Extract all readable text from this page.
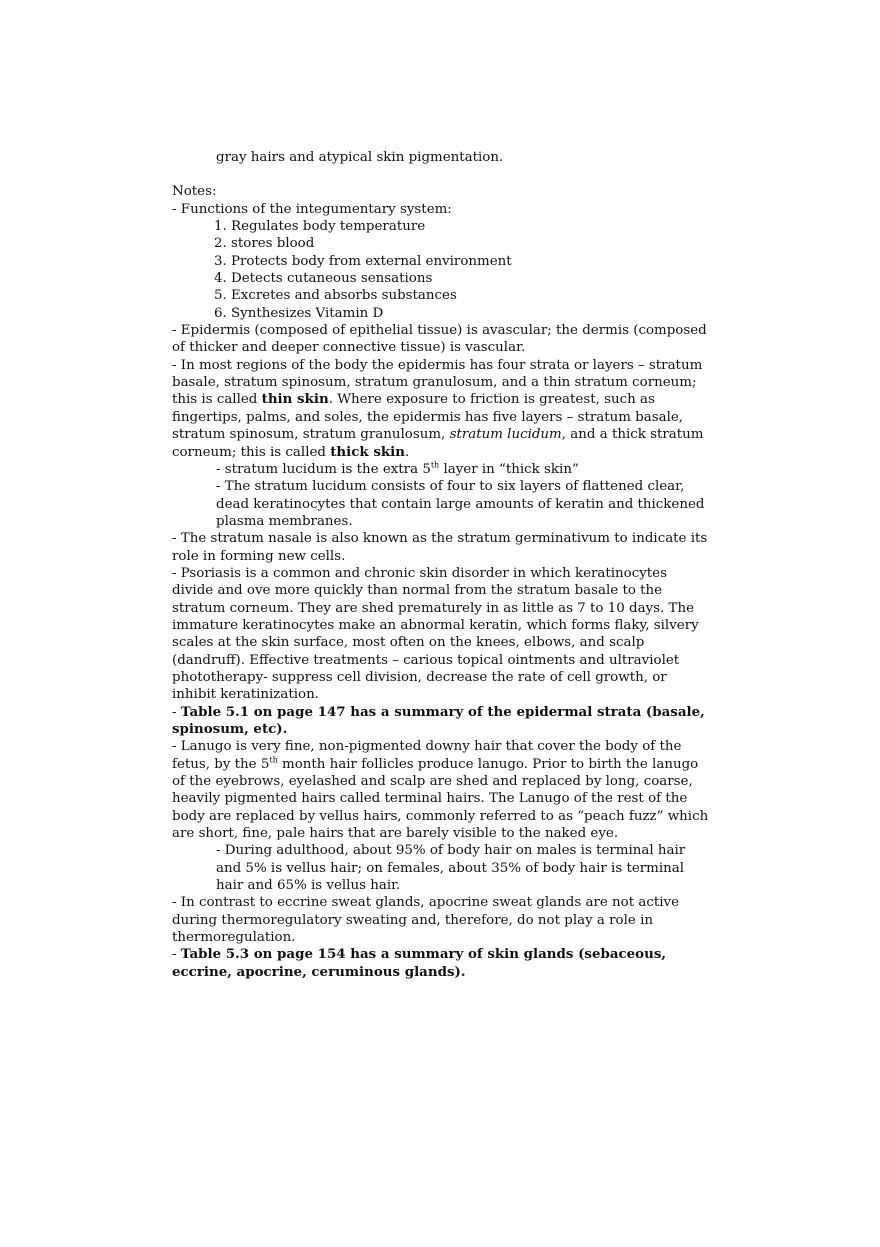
gray hairs and atypical skin pigmentation.

Notes:

- Functions of the integumentary system:

1. Regulates body temperature
2. stores blood
3. Protects body from external environment
4. Detects cutaneous sensations
5. Excretes and absorbs substances
6. Synthesizes Vitamin D

- Epidermis (composed of epithelial tissue) is avascular; the dermis (composed of thicker and deeper connective tissue) is vascular.

- In most regions of the body the epidermis has four strata or layers – stratum basale, stratum spinosum, stratum granulosum, and a thin stratum corneum; this is called thin skin. Where exposure to friction is greatest, such as fingertips, palms, and soles, the epidermis has five layers – stratum basale, stratum spinosum, stratum granulosum, stratum lucidum, and a thick stratum corneum; this is called thick skin.

- stratum lucidum is the extra 5th layer in “thick skin”

- The stratum lucidum consists of four to six layers of flattened clear, dead keratinocytes that contain large amounts of keratin and thickened plasma membranes.

- The stratum nasale is also known as the stratum germinativum to indicate its role in forming new cells.

- Psoriasis is a common and chronic skin disorder in which keratinocytes divide and ove more quickly than normal from the stratum basale to the stratum corneum. They are shed prematurely in as little as 7 to 10 days. The immature keratinocytes make an abnormal keratin, which forms flaky, silvery scales at the skin surface, most often on the knees, elbows, and scalp (dandruff). Effective treatments – carious topical ointments and ultraviolet phototherapy- suppress cell division, decrease the rate of cell growth, or inhibit keratinization.

- Table 5.1 on page 147 has a summary of the epidermal strata (basale, spinosum, etc).

- Lanugo is very fine, non-pigmented downy hair that cover the body of the fetus, by the 5th month hair follicles produce lanugo. Prior to birth the lanugo of the eyebrows, eyelashed and scalp are shed and replaced by long, coarse, heavily pigmented hairs called terminal hairs. The Lanugo of the rest of the body are replaced by vellus hairs, commonly referred to as “peach fuzz” which are short, fine, pale hairs that are barely visible to the naked eye.

- During adulthood, about 95% of body hair on males is terminal hair and 5% is vellus hair; on females, about 35% of body hair is terminal hair and 65% is vellus hair.

- In contrast to eccrine sweat glands, apocrine sweat glands are not active during thermoregulatory sweating and, therefore, do not play a role in thermoregulation.

- Table 5.3 on page 154 has a summary of skin glands (sebaceous, eccrine, apocrine, ceruminous glands).
